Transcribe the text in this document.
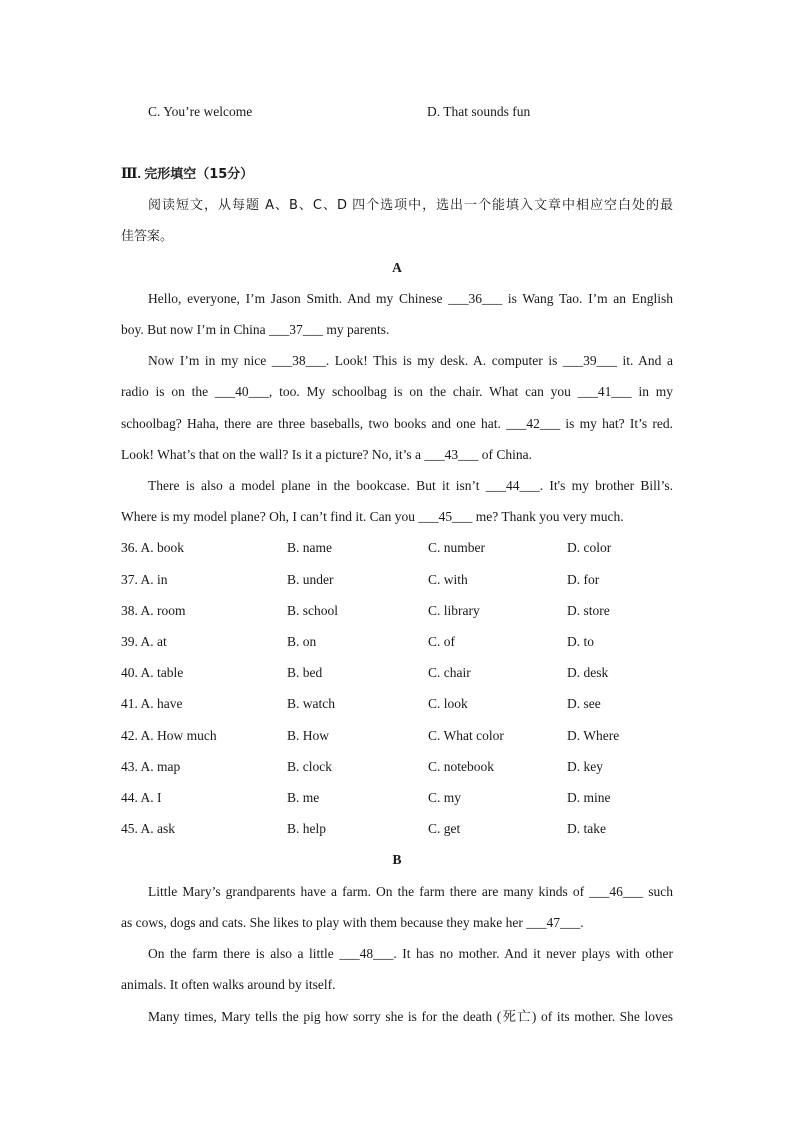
C. You’re welcome	D. That sounds fun
Ⅲ. 完形填空（15分）
阅读短文，从每题 A、B、C、D 四个选项中，选出一个能填入文章中相应空白处的最
佳答案。
A
Hello, everyone, I’m Jason Smith. And my Chinese ___36___ is Wang Tao. I’m an English
boy. But now I’m in China ___37___ my parents.
Now I’m in my nice ___38___. Look! This is my desk. A. computer is ___39___ it. And a
radio is on the ___40___, too. My schoolbag is on the chair. What can you ___41___ in my
schoolbag? Haha, there are three baseballs, two books and one hat. ___42___ is my hat? It’s red.
Look! What’s that on the wall? Is it a picture? No, it’s a ___43___ of China.
There is also a model plane in the bookcase. But it isn’t ___44___. It's my brother Bill’s.
Where is my model plane? Oh, I can’t find it. Can you ___45___ me? Thank you very much.
36. A. book	B. name	C. number	D. color
37. A. in	B. under	C. with	D. for
38. A. room	B. school	C. library	D. store
39. A. at	B. on	C. of	D. to
40. A. table	B. bed	C. chair	D. desk
41. A. have	B. watch	C. look	D. see
42. A. How much	B. How	C. What color	D. Where
43. A. map	B. clock	C. notebook	D. key
44. A. I	B. me	C. my	D. mine
45. A. ask	B. help	C. get	D. take
B
Little Mary’s grandparents have a farm. On the farm there are many kinds of ___46___ such
as cows, dogs and cats. She likes to play with them because they make her ___47___.
On the farm there is also a little ___48___. It has no mother. And it never plays with other
animals. It often walks around by itself.
Many times, Mary tells the pig how sorry she is for the death (死亡) of its mother. She loves
